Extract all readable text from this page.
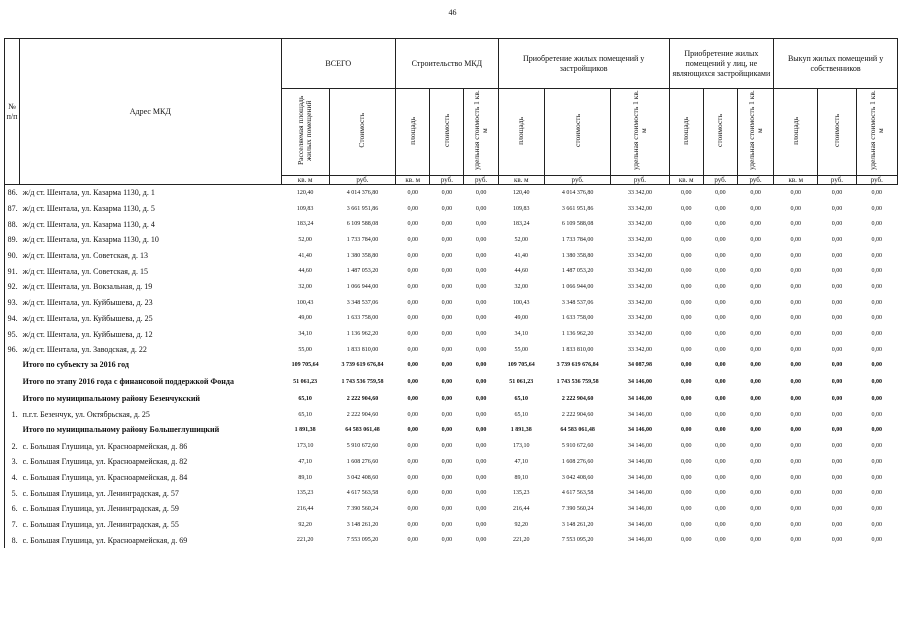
46
№ п/п	Адрес МКД	ВСЕГО		Строительство МКД			Приобретение жилых помещений у застройщиков			Приобретение жилых помещений у лиц, не являющихся застройщиками			Выкуп жилых помещений у собственников		
		Расселяемая площадь жилых помещений	Стоимость	площадь	стоимость	удельная стоимость 1 кв. м	площадь	стоимость	удельная стоимость 1 кв. м	площадь	стоимость	удельная стоимость 1 кв. м	площадь	стоимость	удельная стоимость 1 кв. м
		кв. м	руб.	кв. м	руб.	руб.	кв. м	руб.	руб.	кв. м	руб.	руб.	кв. м	руб.	руб.
86.	ж/д ст. Шентала, ул. Казарма 1130, д. 1	120,40	4 014 376,80	0,00	0,00	0,00	120,40	4 014 376,80	33 342,00	0,00	0,00	0,00	0,00	0,00	0,00
87.	ж/д ст. Шентала, ул. Казарма 1130, д. 5	109,83	3 661 951,86	0,00	0,00	0,00	109,83	3 661 951,86	33 342,00	0,00	0,00	0,00	0,00	0,00	0,00
88.	ж/д ст. Шентала, ул. Казарма 1130, д. 4	183,24	6 109 588,08	0,00	0,00	0,00	183,24	6 109 588,08	33 342,00	0,00	0,00	0,00	0,00	0,00	0,00
89.	ж/д ст. Шентала, ул. Казарма 1130, д. 10	52,00	1 733 784,00	0,00	0,00	0,00	52,00	1 733 784,00	33 342,00	0,00	0,00	0,00	0,00	0,00	0,00
90.	ж/д ст. Шентала, ул. Советская, д. 13	41,40	1 380 358,80	0,00	0,00	0,00	41,40	1 380 358,80	33 342,00	0,00	0,00	0,00	0,00	0,00	0,00
91.	ж/д ст. Шентала, ул. Советская, д. 15	44,60	1 487 053,20	0,00	0,00	0,00	44,60	1 487 053,20	33 342,00	0,00	0,00	0,00	0,00	0,00	0,00
92.	ж/д ст. Шентала, ул. Вокзальная, д. 19	32,00	1 066 944,00	0,00	0,00	0,00	32,00	1 066 944,00	33 342,00	0,00	0,00	0,00	0,00	0,00	0,00
93.	ж/д ст. Шентала, ул. Куйбышева, д. 23	100,43	3 348 537,06	0,00	0,00	0,00	100,43	3 348 537,06	33 342,00	0,00	0,00	0,00	0,00	0,00	0,00
94.	ж/д ст. Шентала, ул. Куйбышева, д. 25	49,00	1 633 758,00	0,00	0,00	0,00	49,00	1 633 758,00	33 342,00	0,00	0,00	0,00	0,00	0,00	0,00
95.	ж/д ст. Шентала, ул. Куйбышева, д. 12	34,10	1 136 962,20	0,00	0,00	0,00	34,10	1 136 962,20	33 342,00	0,00	0,00	0,00	0,00	0,00	0,00
96.	ж/д ст. Шентала, ул. Заводская, д. 22	55,00	1 833 810,00	0,00	0,00	0,00	55,00	1 833 810,00	33 342,00	0,00	0,00	0,00	0,00	0,00	0,00
	Итого по субъекту за 2016 год	109 705,64	3 739 619 676,84	0,00	0,00	0,00	109 705,64	3 739 619 676,84	34 087,98	0,00	0,00	0,00	0,00	0,00	0,00
	Итого по этапу 2016 года с финансовой поддержкой Фонда	51 061,23	1 743 536 759,58	0,00	0,00	0,00	51 061,23	1 743 536 759,58	34 146,00	0,00	0,00	0,00	0,00	0,00	0,00
	Итого по муниципальному району Безенчукский	65,10	2 222 904,60	0,00	0,00	0,00	65,10	2 222 904,60	34 146,00	0,00	0,00	0,00	0,00	0,00	0,00
1.	п.г.т. Безенчук, ул. Октябрьская, д. 25	65,10	2 222 904,60	0,00	0,00	0,00	65,10	2 222 904,60	34 146,00	0,00	0,00	0,00	0,00	0,00	0,00
	Итого по муниципальному району Большеглушицкий	1 891,38	64 583 061,48	0,00	0,00	0,00	1 891,38	64 583 061,48	34 146,00	0,00	0,00	0,00	0,00	0,00	0,00
2.	с. Большая Глушица, ул. Красноармейская, д. 86	173,10	5 910 672,60	0,00	0,00	0,00	173,10	5 910 672,60	34 146,00	0,00	0,00	0,00	0,00	0,00	0,00
3.	с. Большая Глушица, ул. Красноармейская, д. 82	47,10	1 608 276,60	0,00	0,00	0,00	47,10	1 608 276,60	34 146,00	0,00	0,00	0,00	0,00	0,00	0,00
4.	с. Большая Глушица, ул. Красноармейская, д. 84	89,10	3 042 408,60	0,00	0,00	0,00	89,10	3 042 408,60	34 146,00	0,00	0,00	0,00	0,00	0,00	0,00
5.	с. Большая Глушица, ул. Ленинградская, д. 57	135,23	4 617 563,58	0,00	0,00	0,00	135,23	4 617 563,58	34 146,00	0,00	0,00	0,00	0,00	0,00	0,00
6.	с. Большая Глушица, ул. Ленинградская, д. 59	216,44	7 390 560,24	0,00	0,00	0,00	216,44	7 390 560,24	34 146,00	0,00	0,00	0,00	0,00	0,00	0,00
7.	с. Большая Глушица, ул. Ленинградская, д. 55	92,20	3 148 261,20	0,00	0,00	0,00	92,20	3 148 261,20	34 146,00	0,00	0,00	0,00	0,00	0,00	0,00
8.	с. Большая Глушица, ул. Красноармейская, д. 69	221,20	7 553 095,20	0,00	0,00	0,00	221,20	7 553 095,20	34 146,00	0,00	0,00	0,00	0,00	0,00	0,00
